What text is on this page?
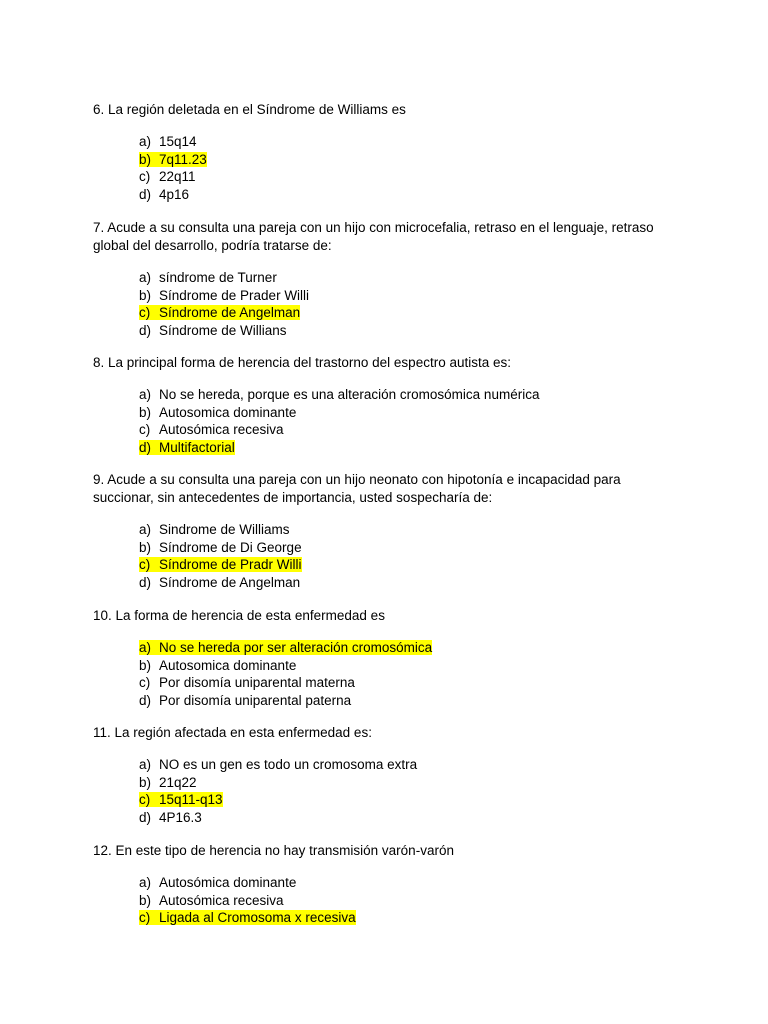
6. La región deletada en el Síndrome de Williams es

a) 15q14
b) 7q11.23
c) 22q11
d) 4p16

7. Acude a su consulta una pareja con un hijo con microcefalia, retraso en el lenguaje, retraso global del desarrollo, podría tratarse de:

a) síndrome de Turner
b) Síndrome de Prader Willi
c) Síndrome de Angelman
d) Síndrome de Willians

8. La principal forma de herencia del trastorno del espectro autista es:

a) No se hereda, porque es una alteración cromosómica numérica
b) Autosomica dominante
c) Autosómica recesiva
d) Multifactorial

9. Acude a su consulta una pareja con un hijo neonato con hipotonía e incapacidad para succionar, sin antecedentes de importancia, usted sospecharía de:

a) Sindrome de Williams
b) Síndrome de Di George
c) Síndrome de Pradr Willi
d) Síndrome de Angelman

10. La forma de herencia de esta enfermedad es

a) No se hereda por ser alteración cromosómica
b) Autosomica dominante
c) Por disomía uniparental materna
d) Por disomía uniparental paterna

11. La región afectada en esta enfermedad es:

a) NO es un gen es todo un cromosoma extra
b) 21q22
c) 15q11-q13
d) 4P16.3

12. En este tipo de herencia no hay transmisión varón-varón

a) Autosómica dominante
b) Autosómica recesiva
c) Ligada al Cromosoma x recesiva
